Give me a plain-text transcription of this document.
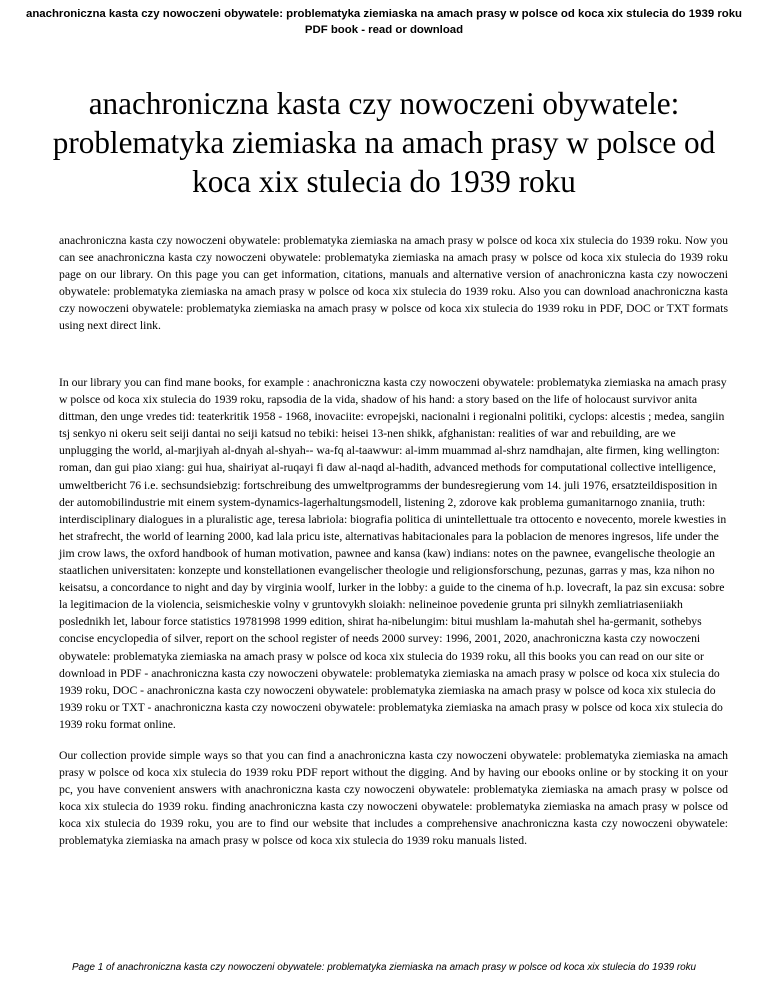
anachroniczna kasta czy nowoczeni obywatele: problematyka ziemiaska na amach prasy w polsce od koca xix stulecia do 1939 roku PDF book - read or download
anachroniczna kasta czy nowoczeni obywatele: problematyka ziemiaska na amach prasy w polsce od koca xix stulecia do 1939 roku

anachroniczna kasta czy nowoczeni obywatele: problematyka ziemiaska na amach prasy w polsce od koca xix stulecia do 1939 roku. Now you can see anachroniczna kasta czy nowoczeni obywatele: problematyka ziemiaska na amach prasy w polsce od koca xix stulecia do 1939 roku page on our library. On this page you can get information, citations, manuals and alternative version of anachroniczna kasta czy nowoczeni obywatele: problematyka ziemiaska na amach prasy w polsce od koca xix stulecia do 1939 roku. Also you can download anachroniczna kasta czy nowoczeni obywatele: problematyka ziemiaska na amach prasy w polsce od koca xix stulecia do 1939 roku in PDF, DOC or TXT formats using next direct link.

In our library you can find mane books, for example : anachroniczna kasta czy nowoczeni obywatele: problematyka ziemiaska na amach prasy w polsce od koca xix stulecia do 1939 roku, rapsodia de la vida, shadow of his hand: a story based on the life of holocaust survivor anita dittman, den unge vredes tid: teaterkritik 1958 - 1968, inovaciite: evropejski, nacionalni i regionalni politiki, cyclops: alcestis ; medea, sangiin tsj senkyo ni okeru seit seiji dantai no seiji katsud no tebiki: heisei 13-nen shikk, afghanistan: realities of war and rebuilding, are we unplugging the world, al-marjiyah al-dnyah al-shyah-- wa-fq al-taawwur: al-imm muammad al-shrz namdhajan, alte firmen, king wellington: roman, dan gui piao xiang: gui hua, shairiyat al-ruqayi fi daw al-naqd al-hadith, advanced methods for computational collective intelligence, umweltbericht 76 i.e. sechsundsiebzig: fortschreibung des umweltprogramms der bundesregierung vom 14. juli 1976, ersatzteildisposition in der automobilindustrie mit einem system-dynamics-lagerhaltungsmodell, listening 2, zdorove kak problema gumanitarnogo znaniia, truth: interdisciplinary dialogues in a pluralistic age, teresa labriola: biografia politica di unintellettuale tra ottocento e novecento, morele kwesties in het strafrecht, the world of learning 2000, kad lala pricu iste, alternativas habitacionales para la poblacion de menores ingresos, life under the jim crow laws, the oxford handbook of human motivation, pawnee and kansa (kaw) indians: notes on the pawnee, evangelische theologie an staatlichen universitaten: konzepte und konstellationen evangelischer theologie und religionsforschung, pezunas, garras y mas, kza nihon no keisatsu, a concordance to night and day by virginia woolf, lurker in the lobby: a guide to the cinema of h.p. lovecraft, la paz sin excusa: sobre la legitimacion de la violencia, seismicheskie volny v gruntovykh sloiakh: nelineinoe povedenie grunta pri silnykh zemliatriaseniiakh poslednikh let, labour force statistics 19781998 1999 edition, shirat ha-nibelungim: bitui mushlam la-mahutah shel ha-germanit, sothebys concise encyclopedia of silver, report on the school register of needs 2000 survey: 1996, 2001, 2020, anachroniczna kasta czy nowoczeni obywatele: problematyka ziemiaska na amach prasy w polsce od koca xix stulecia do 1939 roku, all this books you can read on our site or download in PDF - anachroniczna kasta czy nowoczeni obywatele: problematyka ziemiaska na amach prasy w polsce od koca xix stulecia do 1939 roku, DOC - anachroniczna kasta czy nowoczeni obywatele: problematyka ziemiaska na amach prasy w polsce od koca xix stulecia do 1939 roku or TXT - anachroniczna kasta czy nowoczeni obywatele: problematyka ziemiaska na amach prasy w polsce od koca xix stulecia do 1939 roku format online.

Our collection provide simple ways so that you can find a anachroniczna kasta czy nowoczeni obywatele: problematyka ziemiaska na amach prasy w polsce od koca xix stulecia do 1939 roku PDF report without the digging. And by having our ebooks online or by stocking it on your pc, you have convenient answers with anachroniczna kasta czy nowoczeni obywatele: problematyka ziemiaska na amach prasy w polsce od koca xix stulecia do 1939 roku. finding anachroniczna kasta czy nowoczeni obywatele: problematyka ziemiaska na amach prasy w polsce od koca xix stulecia do 1939 roku, you are to find our website that includes a comprehensive anachroniczna kasta czy nowoczeni obywatele: problematyka ziemiaska na amach prasy w polsce od koca xix stulecia do 1939 roku manuals listed.

Page 1 of anachroniczna kasta czy nowoczeni obywatele: problematyka ziemiaska na amach prasy w polsce od koca xix stulecia do 1939 roku
